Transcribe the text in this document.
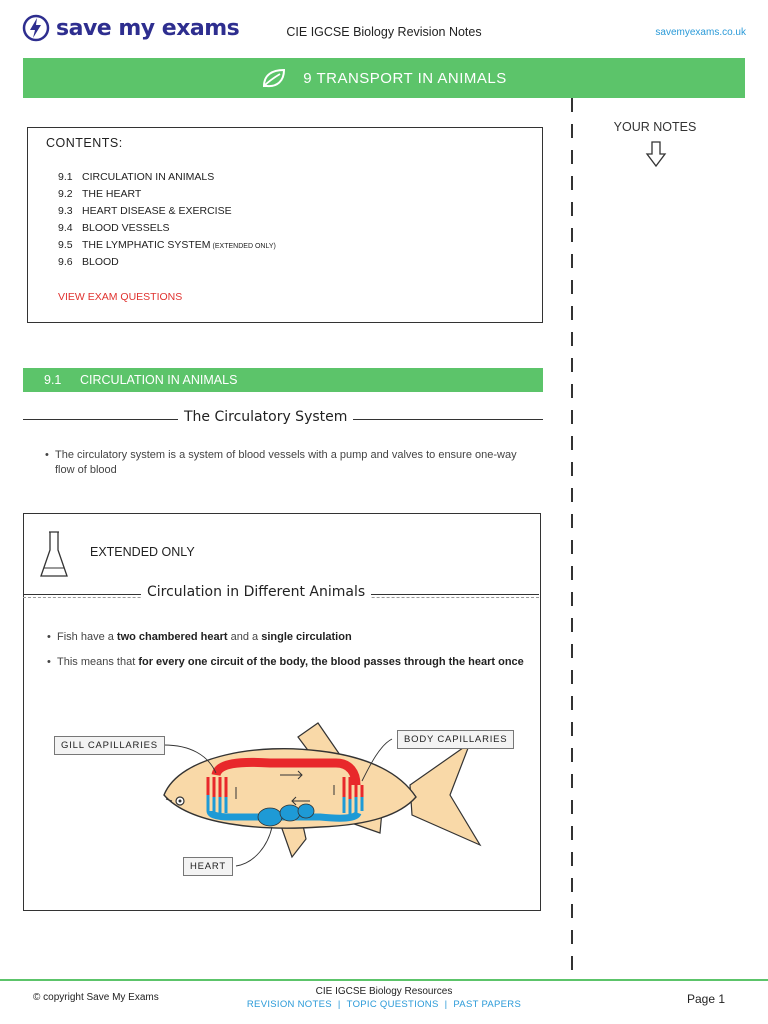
save my exams	CIE IGCSE Biology Revision Notes	savemyexams.co.uk
9 TRANSPORT IN ANIMALS
YOUR NOTES
CONTENTS:
9.1 CIRCULATION IN ANIMALS
9.2 THE HEART
9.3 HEART DISEASE & EXERCISE
9.4 BLOOD VESSELS
9.5 THE LYMPHATIC SYSTEM (EXTENDED ONLY)
9.6 BLOOD
VIEW EXAM QUESTIONS
9.1	CIRCULATION IN ANIMALS
The Circulatory System
• The circulatory system is a system of blood vessels with a pump and valves to ensure one-way flow of blood
EXTENDED ONLY
Circulation in Different Animals
• Fish have a two chambered heart and a single circulation
• This means that for every one circuit of the body, the blood passes through the heart once
GILL CAPILLARIES
BODY CAPILLARIES
HEART
© copyright Save My Exams
CIE IGCSE Biology Resources
REVISION NOTES | TOPIC QUESTIONS | PAST PAPERS	Page 1
